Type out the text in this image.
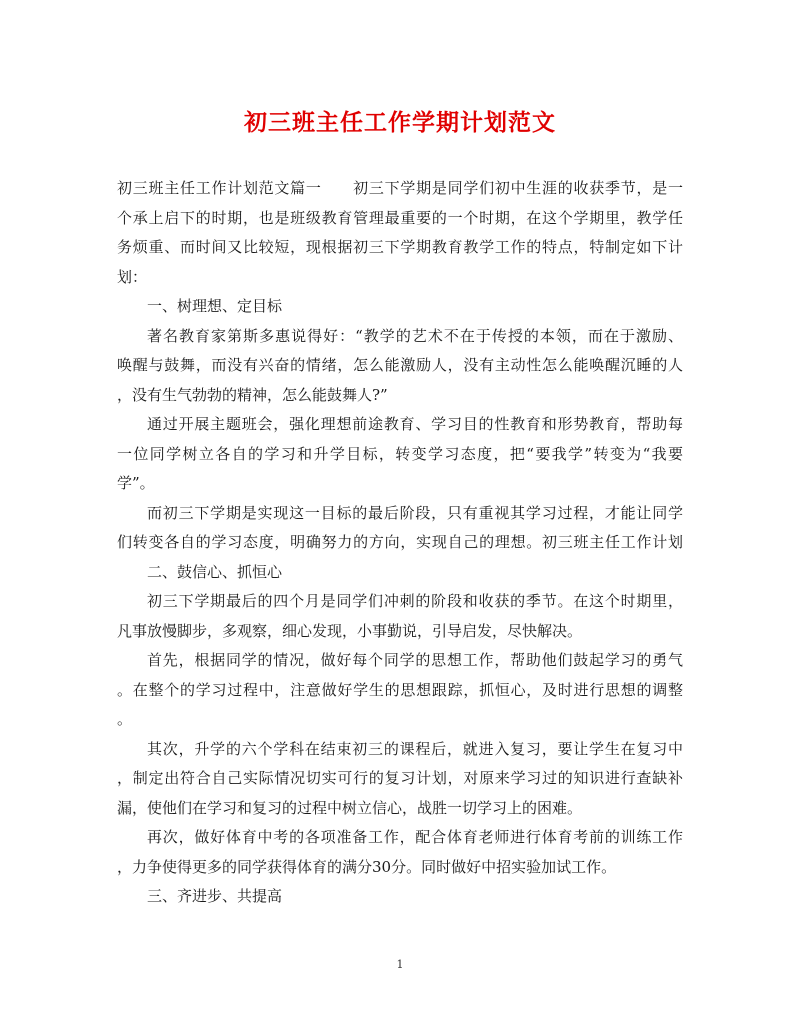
初三班主任工作学期计划范文
初三班主任工作计划范文篇一　　初三下学期是同学们初中生涯的收获季节，是一
个承上启下的时期，也是班级教育管理最重要的一个时期，在这个学期里，教学任
务烦重、而时间又比较短，现根据初三下学期教育教学工作的特点，特制定如下计
划：
一、树理想、定目标
著名教育家第斯多惠说得好：“教学的艺术不在于传授的本领，而在于激励、
唤醒与鼓舞，而没有兴奋的情绪，怎么能激励人，没有主动性怎么能唤醒沉睡的人
，没有生气勃勃的精神，怎么能鼓舞人?”
通过开展主题班会，强化理想前途教育、学习目的性教育和形势教育，帮助每
一位同学树立各自的学习和升学目标，转变学习态度，把“要我学”转变为“我要
学”。
而初三下学期是实现这一目标的最后阶段，只有重视其学习过程，才能让同学
们转变各自的学习态度，明确努力的方向，实现自己的理想。初三班主任工作计划
二、鼓信心、抓恒心
初三下学期最后的四个月是同学们冲刺的阶段和收获的季节。在这个时期里，
凡事放慢脚步，多观察，细心发现，小事勤说，引导启发，尽快解决。
首先，根据同学的情况，做好每个同学的思想工作，帮助他们鼓起学习的勇气
。在整个的学习过程中，注意做好学生的思想跟踪，抓恒心，及时进行思想的调整
。
其次，升学的六个学科在结束初三的课程后，就进入复习，要让学生在复习中
，制定出符合自己实际情况切实可行的复习计划，对原来学习过的知识进行查缺补
漏，使他们在学习和复习的过程中树立信心，战胜一切学习上的困难。
再次，做好体育中考的各项准备工作，配合体育老师进行体育考前的训练工作
，力争使得更多的同学获得体育的满分30分。同时做好中招实验加试工作。
三、齐进步、共提高
1
